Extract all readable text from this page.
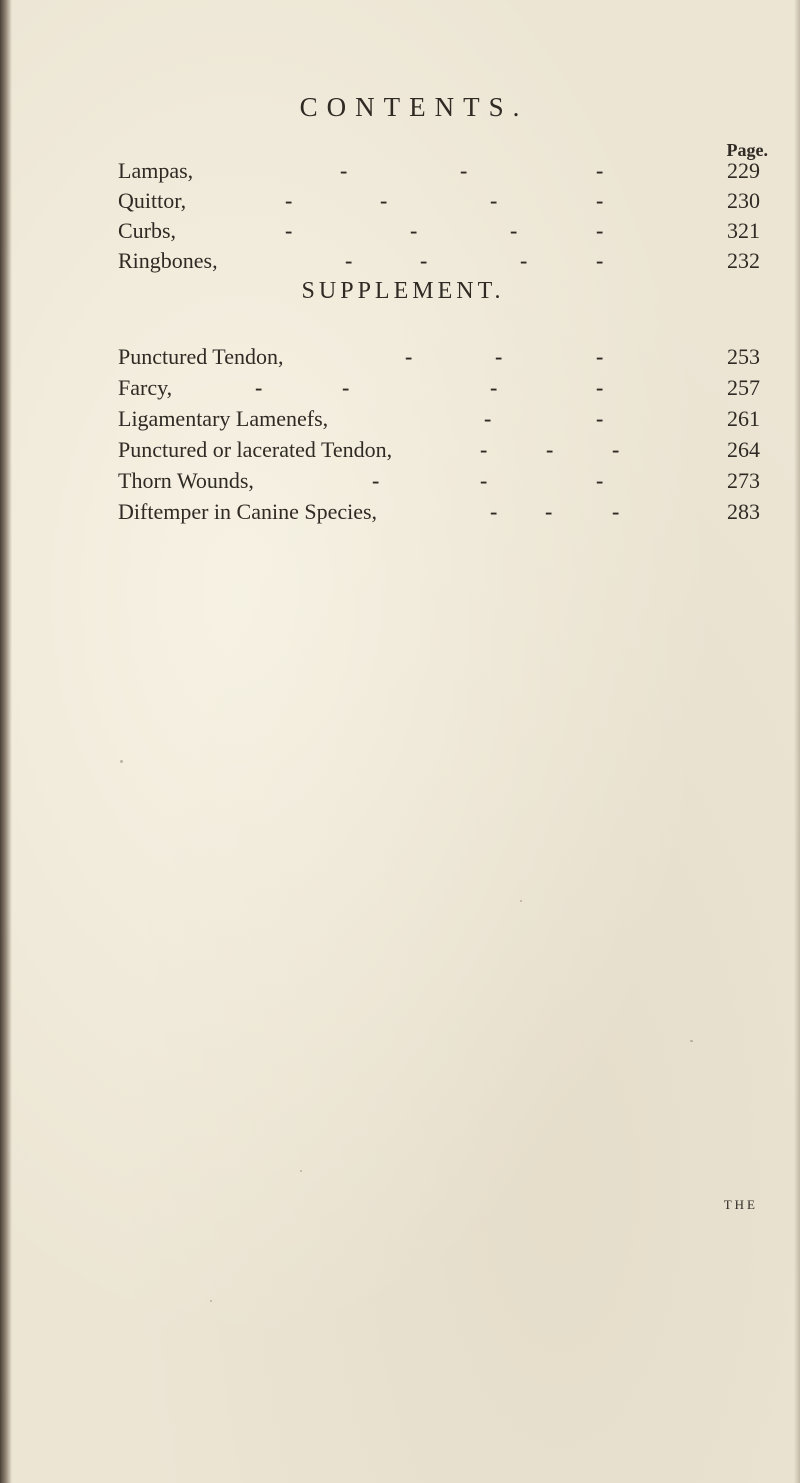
CONTENTS.
Page.
Lampas,	-	-	-	229
Quittor,	-	-	-	-	230
Curbs,	-	-	-	-	321
Ringbones,	-	-	-	-	232
SUPPLEMENT.
Punctured Tendon,	-	-	-	253
Farcy,	-	-	-	-	257
Ligamentary Lamenefs,	-	-	261
Punctured or lacerated Tendon,	-	-	-	264
Thorn Wounds,	-	-	-	273
Diftemper in Canine Species,	- -	-	283
THE
